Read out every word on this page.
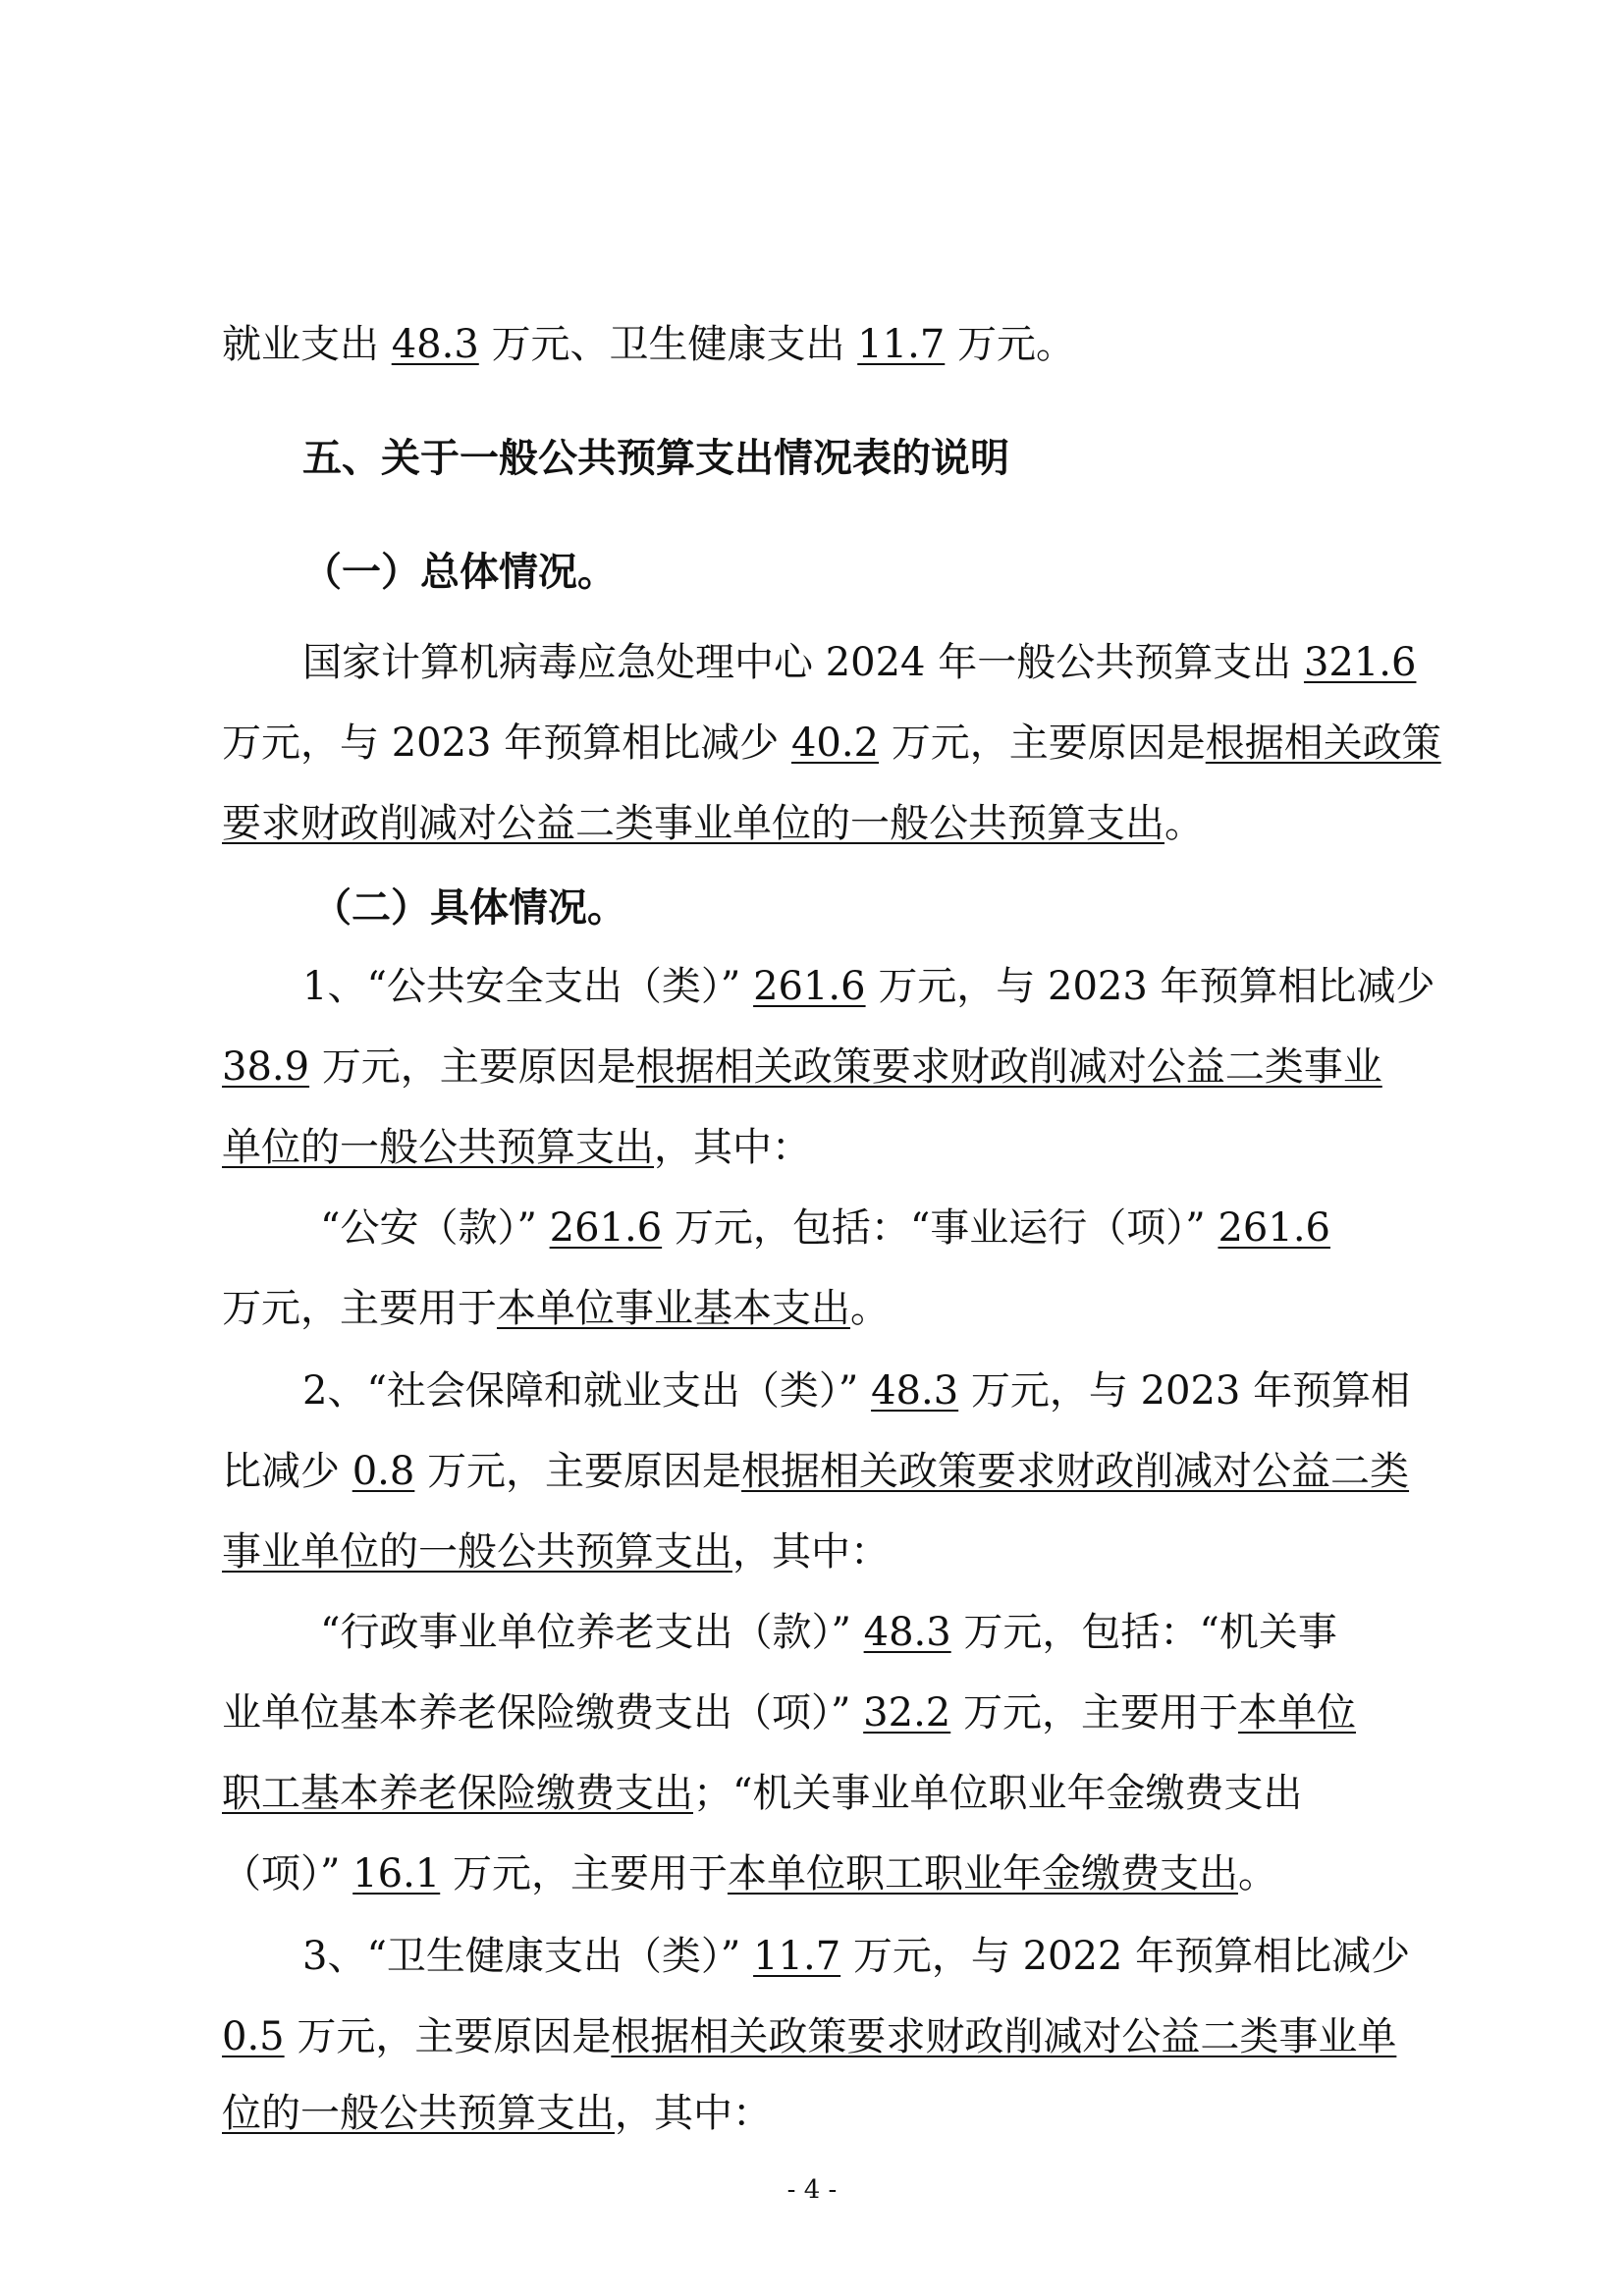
就业支出 48.3 万元、卫生健康支出 11.7 万元。
五、关于一般公共预算支出情况表的说明
（一）总体情况。
国家计算机病毒应急处理中心 2024 年一般公共预算支出 321.6
万元，与 2023 年预算相比减少 40.2 万元，主要原因是根据相关政策
要求财政削减对公益二类事业单位的一般公共预算支出。
（二）具体情况。
1、“公共安全支出（类）” 261.6 万元，与 2023 年预算相比减少
38.9 万元，主要原因是根据相关政策要求财政削减对公益二类事业
单位的一般公共预算支出，其中：
“公安（款）” 261.6 万元，包括：“事业运行（项）” 261.6
万元，主要用于本单位事业基本支出。
2、“社会保障和就业支出（类）” 48.3 万元，与 2023 年预算相
比减少 0.8 万元，主要原因是根据相关政策要求财政削减对公益二类
事业单位的一般公共预算支出，其中：
“行政事业单位养老支出（款）” 48.3 万元，包括：“机关事
业单位基本养老保险缴费支出（项）” 32.2 万元，主要用于本单位
职工基本养老保险缴费支出；“机关事业单位职业年金缴费支出
（项）” 16.1 万元，主要用于本单位职工职业年金缴费支出。
3、“卫生健康支出（类）” 11.7 万元，与 2022 年预算相比减少
0.5 万元，主要原因是根据相关政策要求财政削减对公益二类事业单
位的一般公共预算支出，其中：
- 4 -
